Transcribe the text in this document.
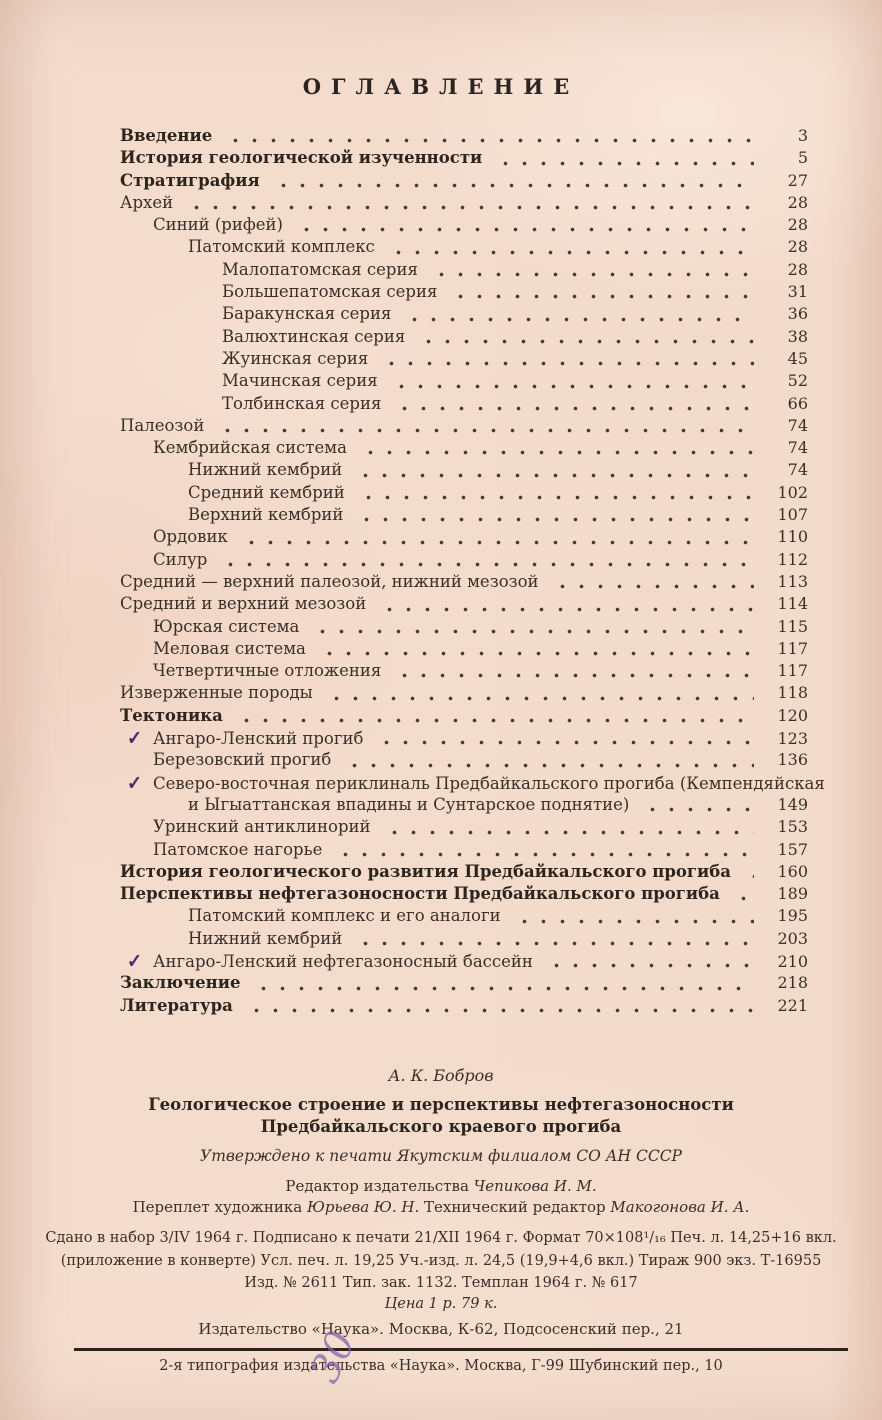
ОГЛАВЛЕНИЕ
Введение	3
История геологической изученности	5
Стратиграфия	27
Архей	28
Синий (рифей)	28
Патомский комплекс	28
Малопатомская серия	28
Большепатомская серия	31
Баракунская серия	36
Валюхтинская серия	38
Жуинская серия	45
Мачинская серия	52
Толбинская серия	66
Палеозой	74
Кембрийская система	74
Нижний кембрий	74
Средний кембрий	102
Верхний кембрий	107
Ордовик	110
Силур	112
Средний — верхний палеозой, нижний мезозой	113
Средний и верхний мезозой	114
Юрская система	115
Меловая система	117
Четвертичные отложения	117
Изверженные породы	118
Тектоника	120
✓ Ангаро-Ленский прогиб	123
Березовский прогиб	136
✓ Северо-восточная периклиналь Предбайкальского прогиба (Кемпендяйская
и Ыгыаттанская впадины и Сунтарское поднятие)	149
Уринский антиклинорий	153
Патомское нагорье	157
История геологического развития Предбайкальского прогиба	160
Перспективы нефтегазоносности Предбайкальского прогиба	189
Патомский комплекс и его аналоги	195
Нижний кембрий	203
✓ Ангаро-Ленский нефтегазоносный бассейн	210
Заключение	218
Литература	221
А. К. Бобров
Геологическое строение и перспективы нефтегазоносности
Предбайкальского краевого прогиба
Утверждено к печати Якутским филиалом СО АН СССР
Редактор издательства Чепикова И. М.
Переплет художника Юрьева Ю. Н. Технический редактор Макогонова И. А.
Сдано в набор 3/IV 1964 г. Подписано к печати 21/XII 1964 г. Формат 70×108¹/₁₆ Печ. л. 14,25+16 вкл.
(приложение в конверте) Усл. печ. л. 19,25 Уч.-изд. л. 24,5 (19,9+4,6 вкл.) Тираж 900 экз. Т-16955
Изд. № 2611 Тип. зак. 1132. Темплан 1964 г. № 617
Цена 1 р. 79 к.
Издательство «Наука». Москва, К-62, Подсосенский пер., 21
2-я типография издательства «Наука». Москва, Г-99 Шубинский пер., 10
30
